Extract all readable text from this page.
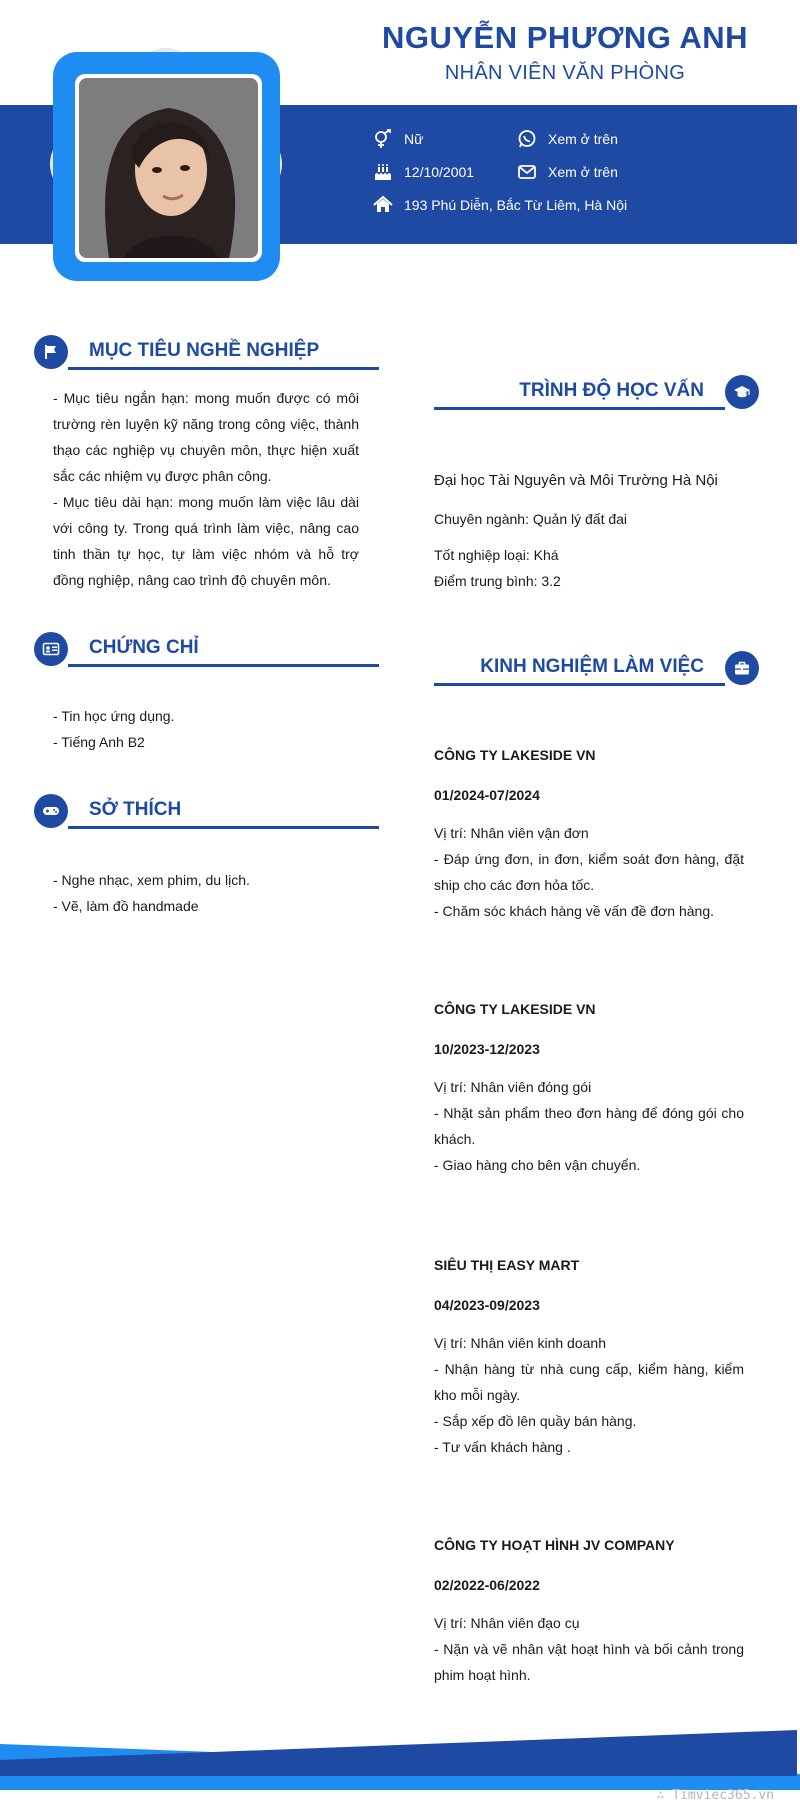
NGUYỄN PHƯƠNG ANH
NHÂN VIÊN VĂN PHÒNG
Nữ	Xem ở trên
12/10/2001	Xem ở trên
193 Phú Diễn, Bắc Từ Liêm, Hà Nội
MỤC TIÊU NGHỀ NGHIỆP
- Mục tiêu ngắn hạn: mong muốn được có môi trường rèn luyện kỹ năng trong công việc, thành thạo các nghiệp vụ chuyên môn, thực hiện xuất sắc các nhiệm vụ được phân công.
- Mục tiêu dài hạn: mong muốn làm việc lâu dài với công ty. Trong quá trình làm việc, nâng cao tinh thần tự học, tự làm việc nhóm và hỗ trợ đồng nghiệp, nâng cao trình độ chuyên môn.
CHỨNG CHỈ
- Tin học ứng dụng.
- Tiếng Anh B2
SỞ THÍCH
- Nghe nhạc, xem phim, du lịch.
- Vẽ, làm đồ handmade
TRÌNH ĐỘ HỌC VẤN
Đại học Tài Nguyên và Môi Trường Hà Nội
Chuyên ngành: Quản lý đất đai
Tốt nghiệp loại: Khá
Điểm trung bình: 3.2
KINH NGHIỆM LÀM VIỆC
CÔNG TY LAKESIDE VN
01/2024-07/2024
Vị trí: Nhân viên vận đơn
- Đáp ứng đơn, in đơn, kiểm soát đơn hàng, đặt ship cho các đơn hỏa tốc.
- Chăm sóc khách hàng về vấn đề đơn hàng.
CÔNG TY LAKESIDE VN
10/2023-12/2023
Vị trí: Nhân viên đóng gói
- Nhặt sản phẩm theo đơn hàng để đóng gói cho khách.
- Giao hàng cho bên vận chuyển.
SIÊU THỊ EASY MART
04/2023-09/2023
Vị trí: Nhân viên kinh doanh
- Nhận hàng từ nhà cung cấp, kiểm hàng, kiểm kho mỗi ngày.
- Sắp xếp đồ lên quầy bán hàng.
- Tư vấn khách hàng .
CÔNG TY HOẠT HÌNH JV COMPANY
02/2022-06/2022
Vị trí: Nhân viên đạo cụ
- Nặn và vẽ nhân vật hoạt hình và bối cảnh trong phim hoạt hình.
∴ Timviec365.vn
